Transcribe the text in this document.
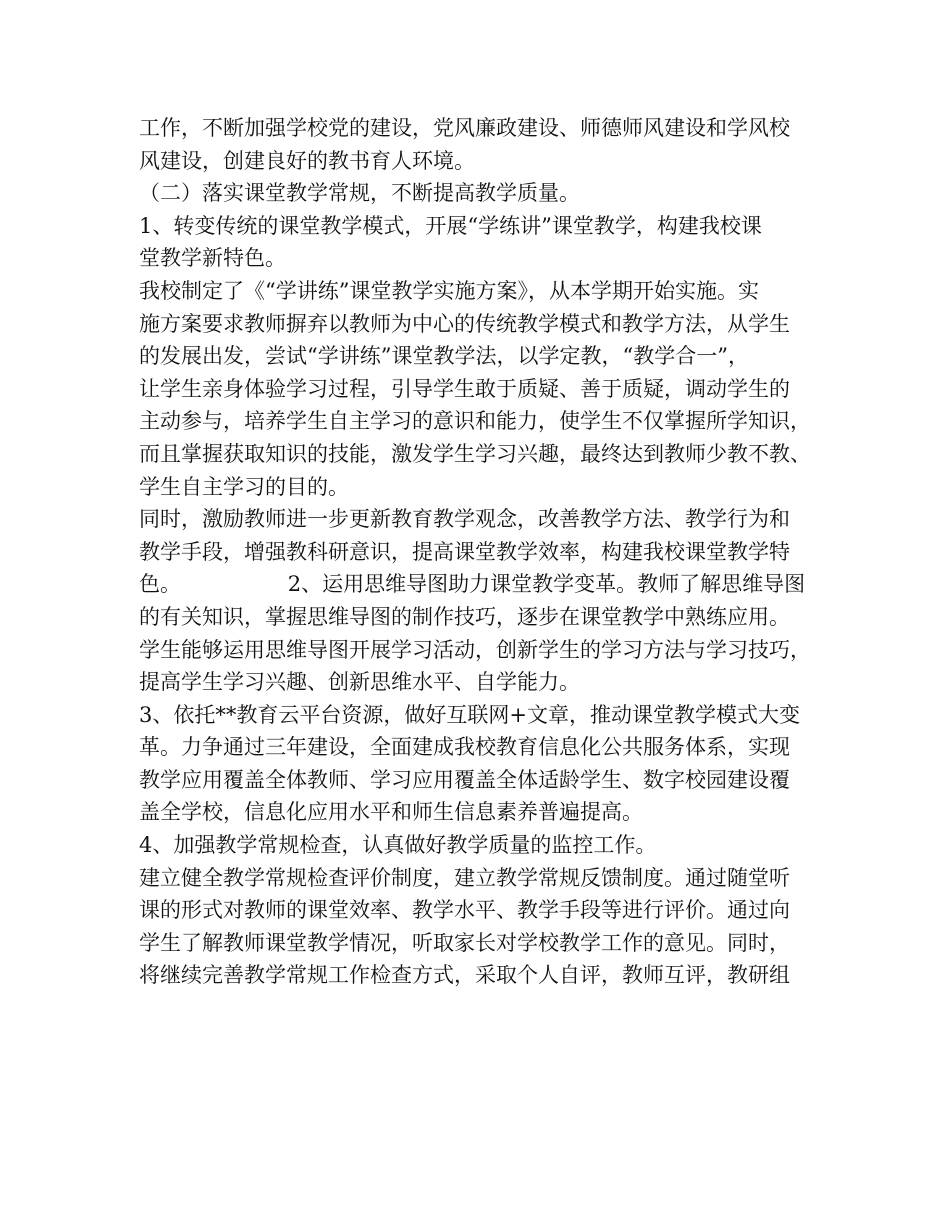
工作，不断加强学校党的建设，党风廉政建设、师德师风建设和学风校
风建设，创建良好的教书育人环境。
（二）落实课堂教学常规，不断提高教学质量。
1、转变传统的课堂教学模式，开展“学练讲”课堂教学，构建我校课
堂教学新特色。
我校制定了《“学讲练”课堂教学实施方案》，从本学期开始实施。实
施方案要求教师摒弃以教师为中心的传统教学模式和教学方法，从学生
的发展出发，尝试“学讲练”课堂教学法，以学定教，“教学合一”，
让学生亲身体验学习过程，引导学生敢于质疑、善于质疑，调动学生的
主动参与，培养学生自主学习的意识和能力，使学生不仅掌握所学知识，
而且掌握获取知识的技能，激发学生学习兴趣，最终达到教师少教不教、
学生自主学习的目的。
同时，激励教师进一步更新教育教学观念，改善教学方法、教学行为和
教学手段，增强教科研意识，提高课堂教学效率，构建我校课堂教学特
色。                2、运用思维导图助力课堂教学变革。教师了解思维导图
的有关知识，掌握思维导图的制作技巧，逐步在课堂教学中熟练应用。
学生能够运用思维导图开展学习活动，创新学生的学习方法与学习技巧，
提高学生学习兴趣、创新思维水平、自学能力。
3、依托**教育云平台资源，做好互联网+文章，推动课堂教学模式大变
革。力争通过三年建设，全面建成我校教育信息化公共服务体系，实现
教学应用覆盖全体教师、学习应用覆盖全体适龄学生、数字校园建设覆
盖全学校，信息化应用水平和师生信息素养普遍提高。
4、加强教学常规检查，认真做好教学质量的监控工作。
建立健全教学常规检查评价制度，建立教学常规反馈制度。通过随堂听
课的形式对教师的课堂效率、教学水平、教学手段等进行评价。通过向
学生了解教师课堂教学情况，听取家长对学校教学工作的意见。同时，
将继续完善教学常规工作检查方式，采取个人自评，教师互评，教研组
